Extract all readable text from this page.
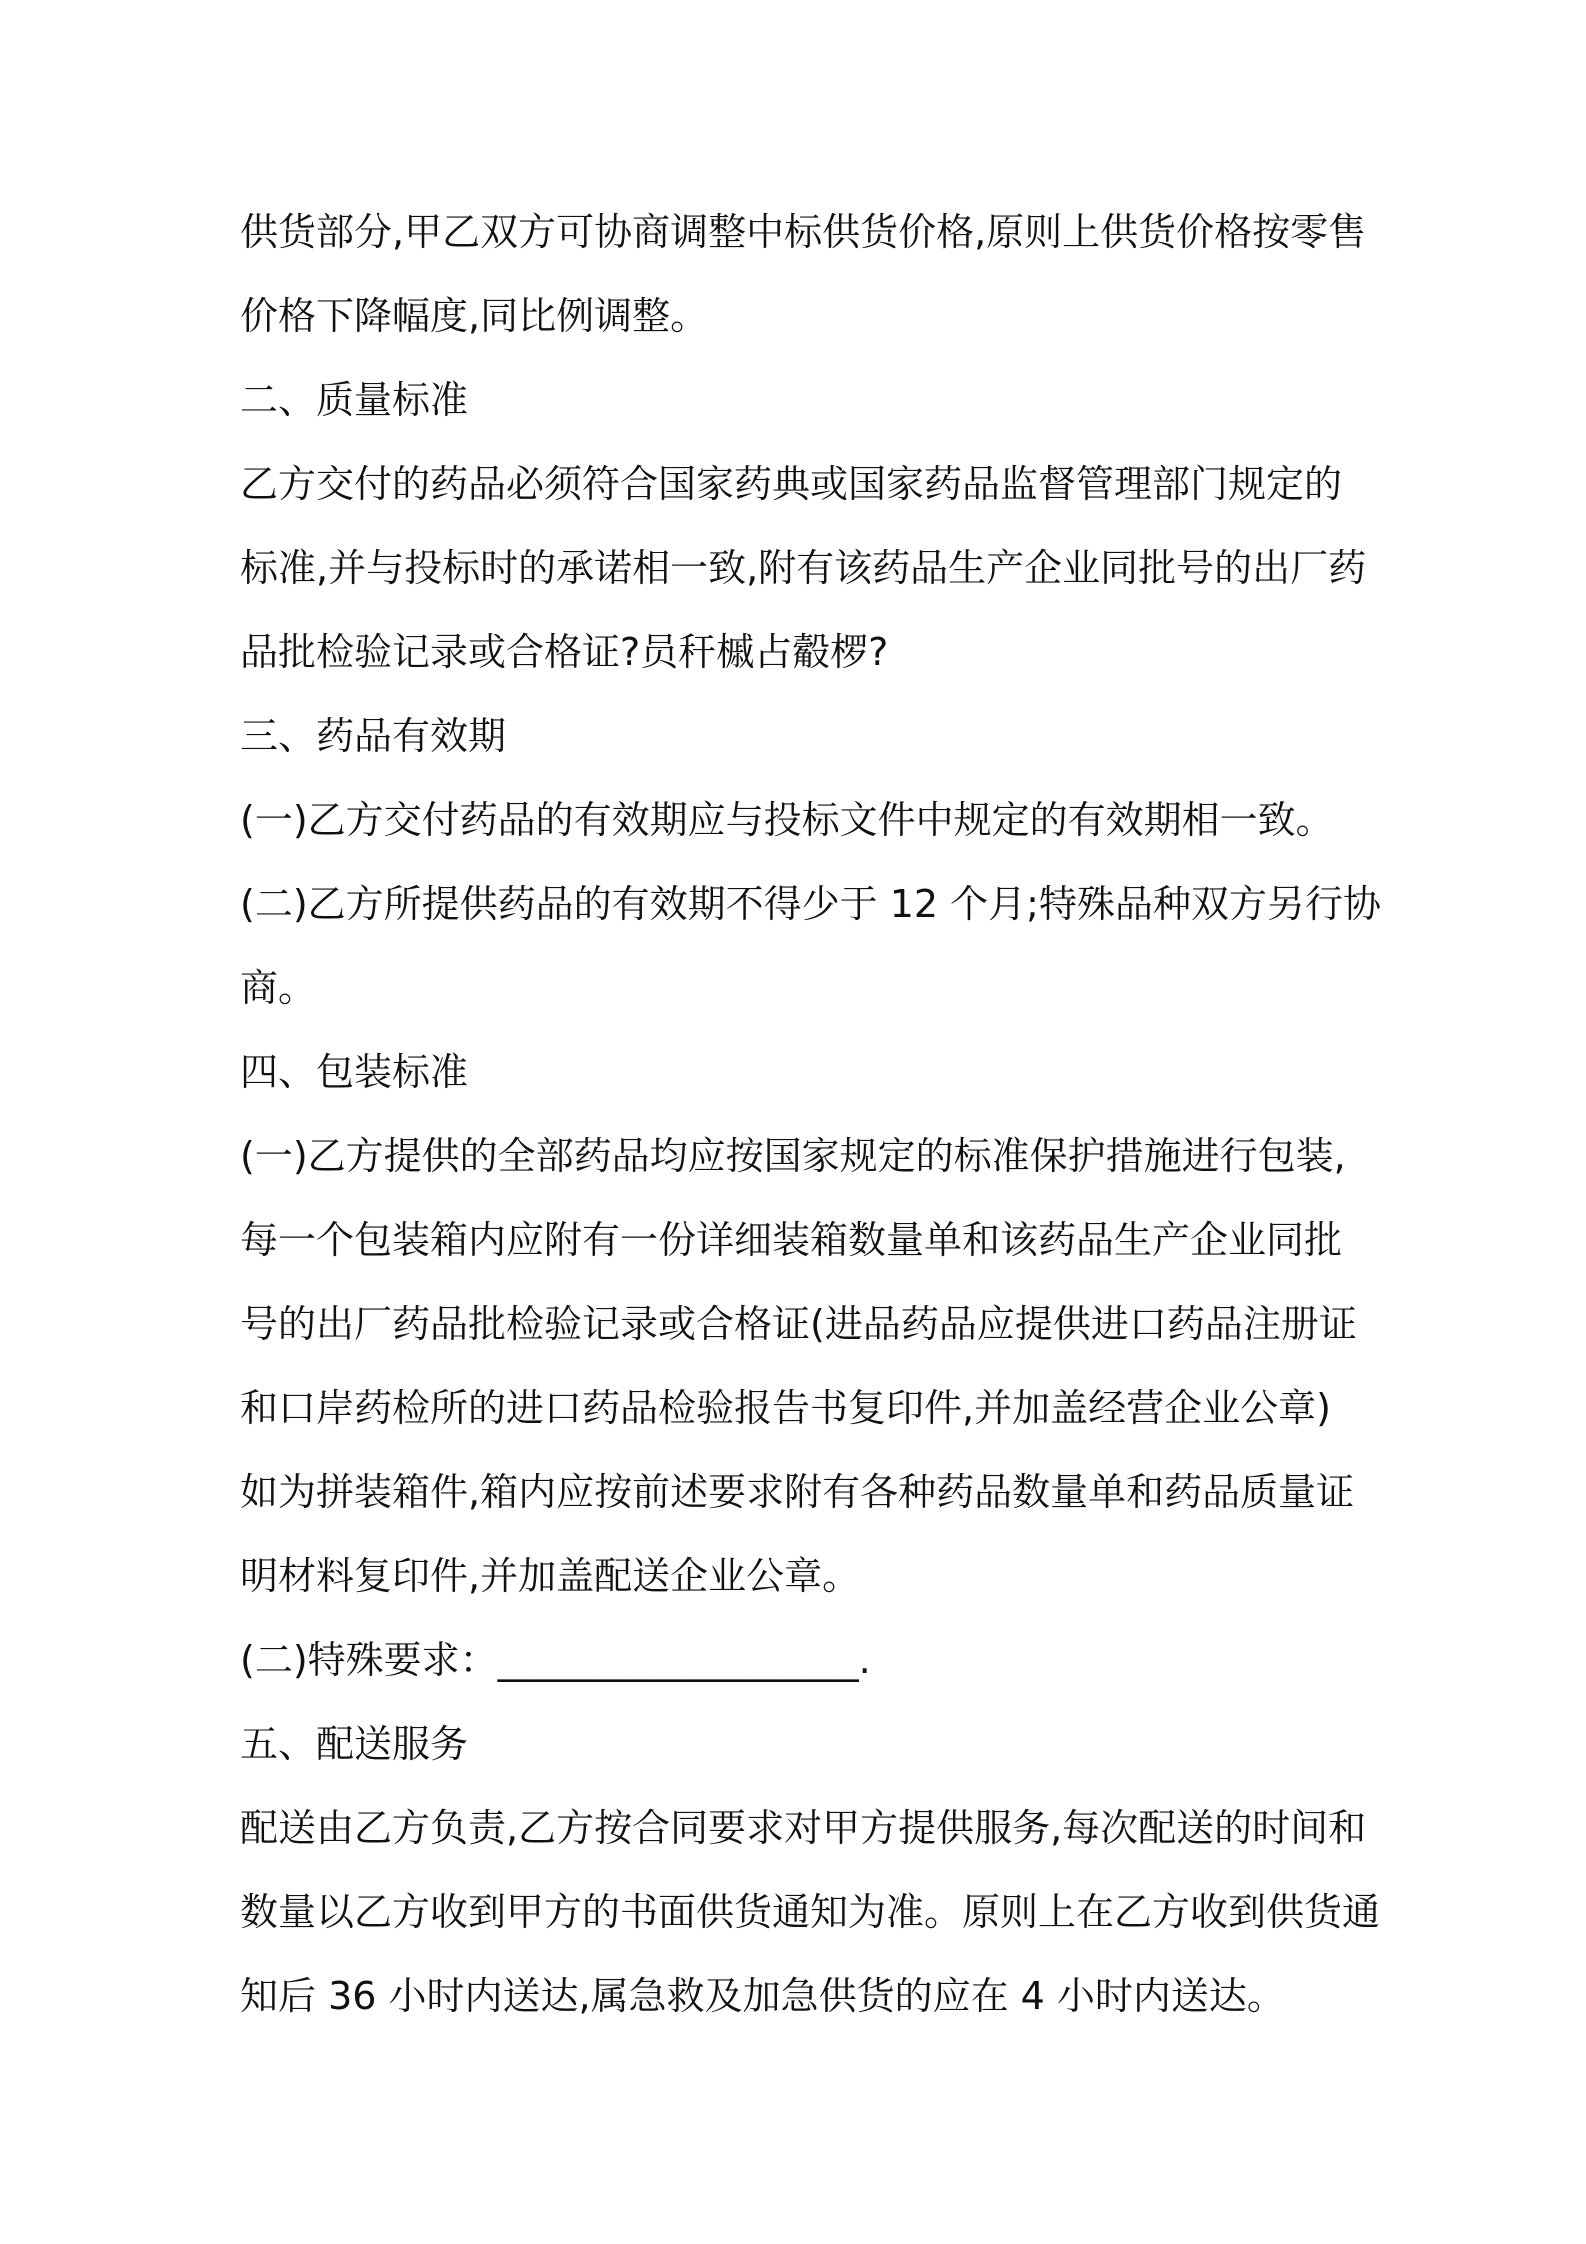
供货部分,甲乙双方可协商调整中标供货价格,原则上供货价格按零售
价格下降幅度,同比例调整。
二、质量标准
乙方交付的药品必须符合国家药典或国家药品监督管理部门规定的
标准,并与投标时的承诺相一致,附有该药品生产企业同批号的出厂药
品批检验记录或合格证?员秆槭占觳椤?
三、药品有效期
(一)乙方交付药品的有效期应与投标文件中规定的有效期相一致。
(二)乙方所提供药品的有效期不得少于 12 个月;特殊品种双方另行协
商。
四、包装标准
(一)乙方提供的全部药品均应按国家规定的标准保护措施进行包装,
每一个包装箱内应附有一份详细装箱数量单和该药品生产企业同批
号的出厂药品批检验记录或合格证(进品药品应提供进口药品注册证
和口岸药检所的进口药品检验报告书复印件,并加盖经营企业公章)
如为拼装箱件,箱内应按前述要求附有各种药品数量单和药品质量证
明材料复印件,并加盖配送企业公章。
(二)特殊要求：___________________.
五、配送服务
配送由乙方负责,乙方按合同要求对甲方提供服务,每次配送的时间和
数量以乙方收到甲方的书面供货通知为准。原则上在乙方收到供货通
知后 36 小时内送达,属急救及加急供货的应在 4 小时内送达。
